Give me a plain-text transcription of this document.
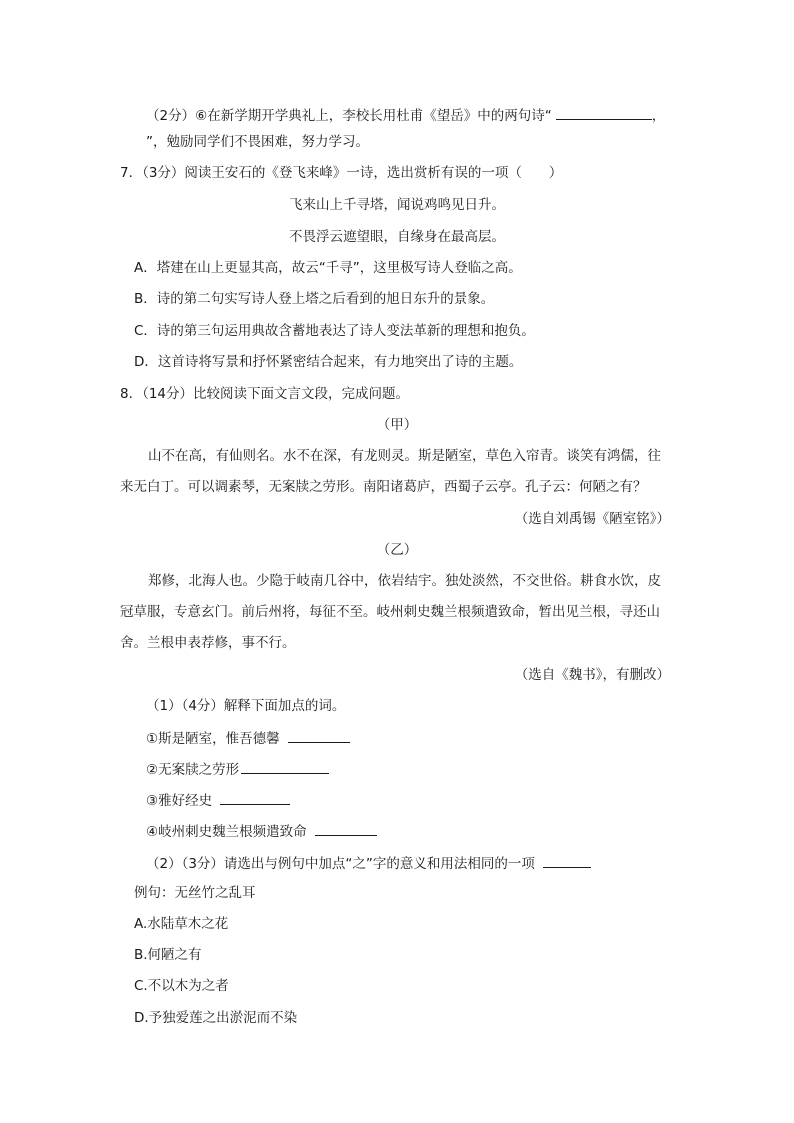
（2分）⑥在新学期开学典礼上，李校长用杜甫《望岳》中的两句诗“	，
”，勉励同学们不畏困难，努力学习。
7．（3分）阅读王安石的《登飞来峰》一诗，选出赏析有误的一项（　　）
飞来山上千寻塔，闻说鸡鸣见日升。
不畏浮云遮望眼，自缘身在最高层。
A．塔建在山上更显其高，故云“千寻”，这里极写诗人登临之高。
B．诗的第二句实写诗人登上塔之后看到的旭日东升的景象。
C．诗的第三句运用典故含蓄地表达了诗人变法革新的理想和抱负。
D．这首诗将写景和抒怀紧密结合起来，有力地突出了诗的主题。
8．（14分）比较阅读下面文言文段，完成问题。
（甲）
山不在高，有仙则名。水不在深，有龙则灵。斯是陋室，草色入帘青。谈笑有鸿儒，往
来无白丁。可以调素琴，无案牍之劳形。南阳诸葛庐，西蜀子云亭。孔子云：何陋之有？
（选自刘禹锡《陋室铭》）
（乙）
郑修，北海人也。少隐于岐南几谷中，依岩结宇。独处淡然，不交世俗。耕食水饮，皮
冠草服，专意玄门。前后州将，每征不至。岐州刺史魏兰根频遣致命，暂出见兰根，寻还山
舍。兰根申表荐修，事不行。
（选自《魏书》，有删改）
（1）（4分）解释下面加点的词。
①斯是陋室，惟吾德馨
②无案牍之劳形
③雅好经史
④岐州刺史魏兰根频遣致命
（2）（3分）请选出与例句中加点“之”字的意义和用法相同的一项
例句：无丝竹之乱耳
A.水陆草木之花
B.何陋之有
C.不以木为之者
D.予独爱莲之出淤泥而不染
